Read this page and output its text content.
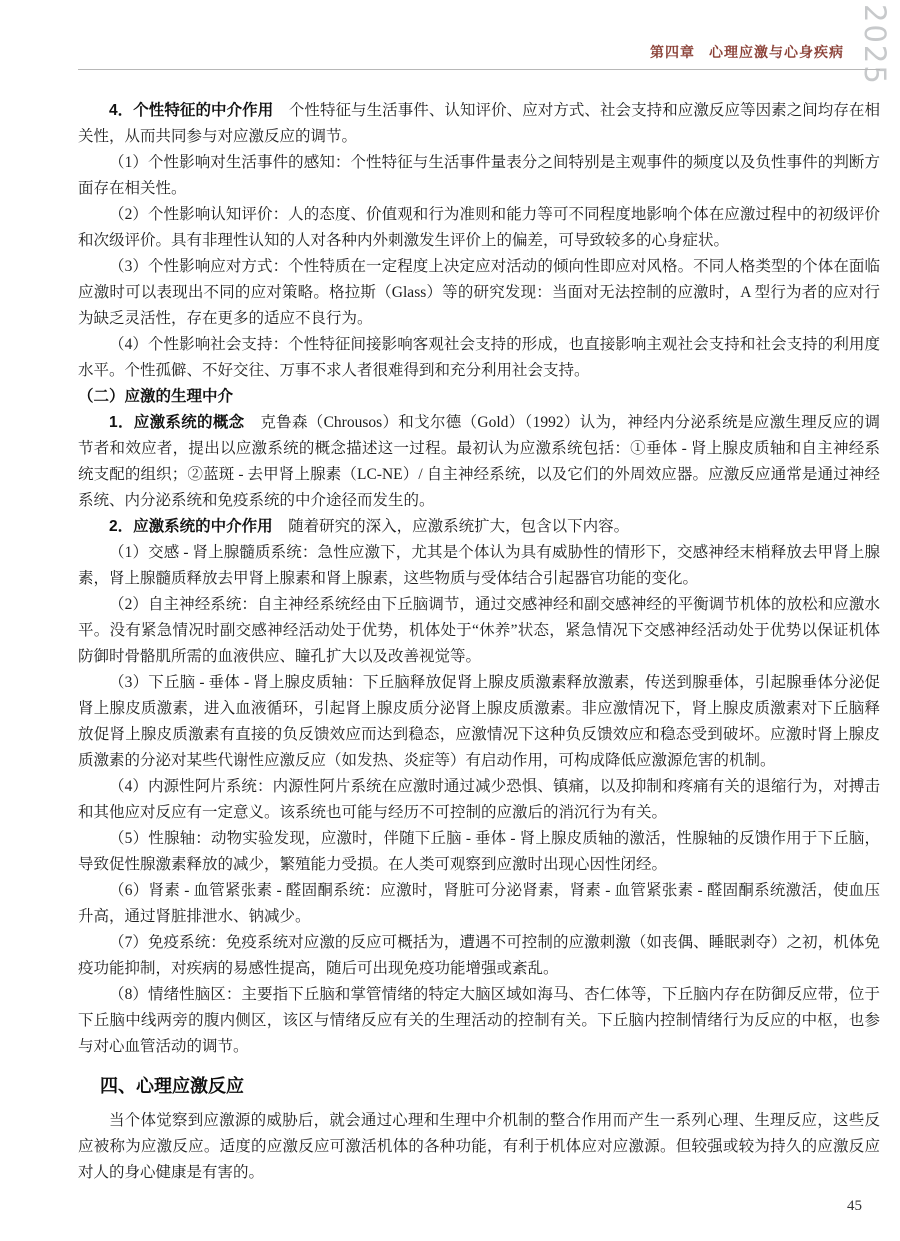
2025
第四章 心理应激与心身疾病

4．个性特征的中介作用　个性特征与生活事件、认知评价、应对方式、社会支持和应激反应等因素之间均存在相关性，从而共同参与对应激反应的调节。

（1）个性影响对生活事件的感知：个性特征与生活事件量表分之间特别是主观事件的频度以及负性事件的判断方面存在相关性。

（2）个性影响认知评价：人的态度、价值观和行为准则和能力等可不同程度地影响个体在应激过程中的初级评价和次级评价。具有非理性认知的人对各种内外刺激发生评价上的偏差，可导致较多的心身症状。

（3）个性影响应对方式：个性特质在一定程度上决定应对活动的倾向性即应对风格。不同人格类型的个体在面临应激时可以表现出不同的应对策略。格拉斯（Glass）等的研究发现：当面对无法控制的应激时，A 型行为者的应对行为缺乏灵活性，存在更多的适应不良行为。

（4）个性影响社会支持：个性特征间接影响客观社会支持的形成，也直接影响主观社会支持和社会支持的利用度水平。个性孤僻、不好交往、万事不求人者很难得到和充分利用社会支持。

（二）应激的生理中介

1．应激系统的概念　克鲁森（Chrousos）和戈尔德（Gold）（1992）认为，神经内分泌系统是应激生理反应的调节者和效应者，提出以应激系统的概念描述这一过程。最初认为应激系统包括：①垂体 - 肾上腺皮质轴和自主神经系统支配的组织；②蓝斑 - 去甲肾上腺素（LC-NE）/ 自主神经系统，以及它们的外周效应器。应激反应通常是通过神经系统、内分泌系统和免疫系统的中介途径而发生的。

2．应激系统的中介作用　随着研究的深入，应激系统扩大，包含以下内容。

（1）交感 - 肾上腺髓质系统：急性应激下，尤其是个体认为具有威胁性的情形下，交感神经末梢释放去甲肾上腺素，肾上腺髓质释放去甲肾上腺素和肾上腺素，这些物质与受体结合引起器官功能的变化。

（2）自主神经系统：自主神经系统经由下丘脑调节，通过交感神经和副交感神经的平衡调节机体的放松和应激水平。没有紧急情况时副交感神经活动处于优势，机体处于“休养”状态，紧急情况下交感神经活动处于优势以保证机体防御时骨骼肌所需的血液供应、瞳孔扩大以及改善视觉等。

（3）下丘脑 - 垂体 - 肾上腺皮质轴：下丘脑释放促肾上腺皮质激素释放激素，传送到腺垂体，引起腺垂体分泌促肾上腺皮质激素，进入血液循环，引起肾上腺皮质分泌肾上腺皮质激素。非应激情况下，肾上腺皮质激素对下丘脑释放促肾上腺皮质激素有直接的负反馈效应而达到稳态，应激情况下这种负反馈效应和稳态受到破坏。应激时肾上腺皮质激素的分泌对某些代谢性应激反应（如发热、炎症等）有启动作用，可构成降低应激源危害的机制。

（4）内源性阿片系统：内源性阿片系统在应激时通过减少恐惧、镇痛，以及抑制和疼痛有关的退缩行为，对搏击和其他应对反应有一定意义。该系统也可能与经历不可控制的应激后的消沉行为有关。

（5）性腺轴：动物实验发现，应激时，伴随下丘脑 - 垂体 - 肾上腺皮质轴的激活，性腺轴的反馈作用于下丘脑，导致促性腺激素释放的减少，繁殖能力受损。在人类可观察到应激时出现心因性闭经。

（6）肾素 - 血管紧张素 - 醛固酮系统：应激时，肾脏可分泌肾素，肾素 - 血管紧张素 - 醛固酮系统激活，使血压升高，通过肾脏排泄水、钠减少。

（7）免疫系统：免疫系统对应激的反应可概括为，遭遇不可控制的应激刺激（如丧偶、睡眠剥夺）之初，机体免疫功能抑制，对疾病的易感性提高，随后可出现免疫功能增强或紊乱。

（8）情绪性脑区：主要指下丘脑和掌管情绪的特定大脑区域如海马、杏仁体等，下丘脑内存在防御反应带，位于下丘脑中线两旁的腹内侧区，该区与情绪反应有关的生理活动的控制有关。下丘脑内控制情绪行为反应的中枢，也参与对心血管活动的调节。

四、心理应激反应

当个体觉察到应激源的威胁后，就会通过心理和生理中介机制的整合作用而产生一系列心理、生理反应，这些反应被称为应激反应。适度的应激反应可激活机体的各种功能，有利于机体应对应激源。但较强或较为持久的应激反应对人的身心健康是有害的。

45
